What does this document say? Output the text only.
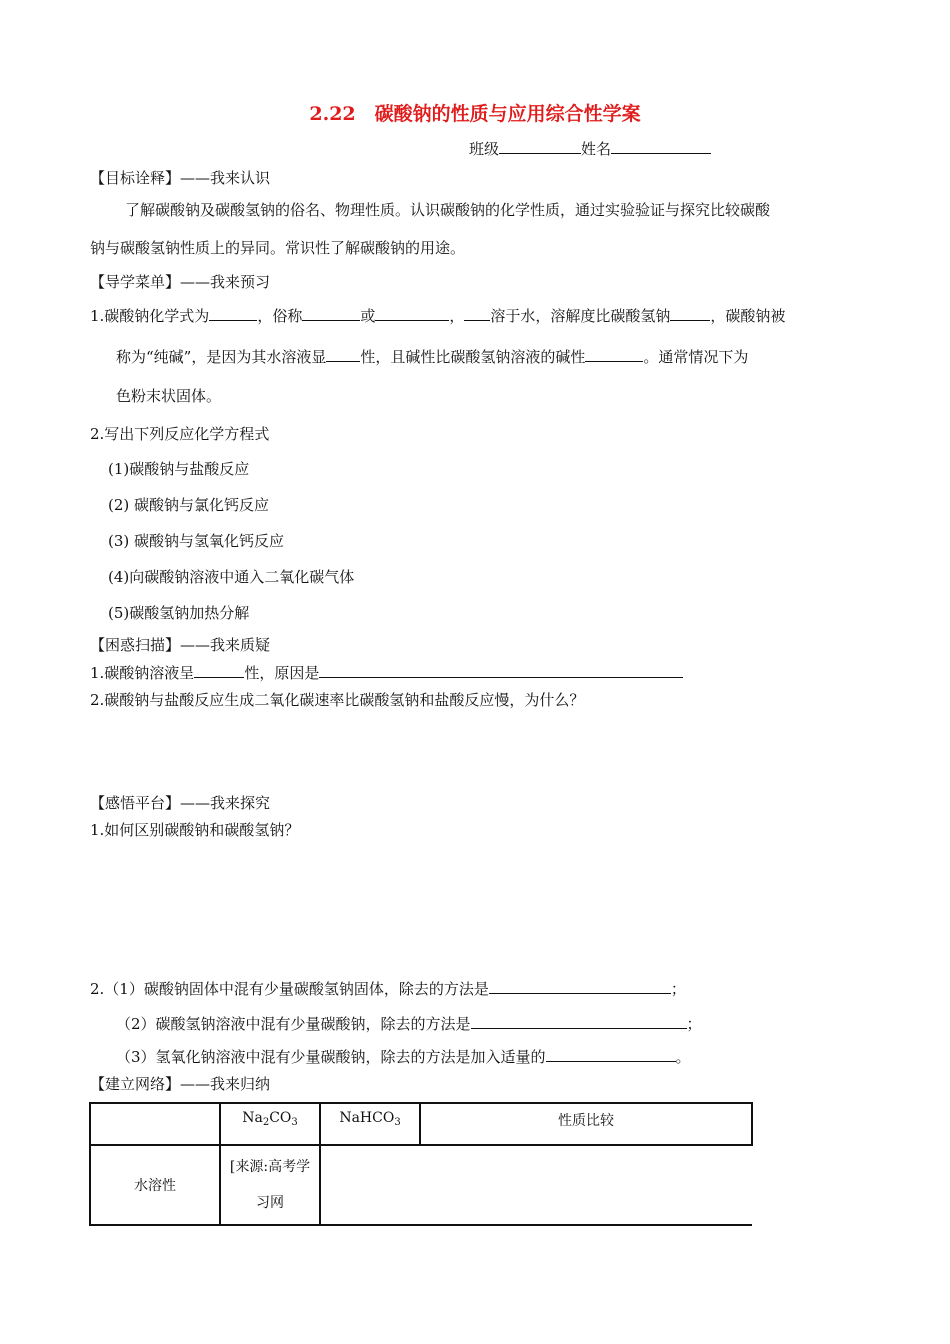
2.22　碳酸钠的性质与应用综合性学案
班级	姓名
【目标诠释】——我来认识
了解碳酸钠及碳酸氢钠的俗名、物理性质。认识碳酸钠的化学性质，通过实验验证与探究比较碳酸
钠与碳酸氢钠性质上的异同。常识性了解碳酸钠的用途。
【导学菜单】——我来预习
1.碳酸钠化学式为	，俗称	或	， 溶于水，溶解度比碳酸氢钠	，碳酸钠被
称为“纯碱”，是因为其水溶液显 性，且碱性比碳酸氢钠溶液的碱性	。通常情况下为
色粉末状固体。
2.写出下列反应化学方程式
(1)碳酸钠与盐酸反应
(2) 碳酸钠与氯化钙反应
(3) 碳酸钠与氢氧化钙反应
(4)向碳酸钠溶液中通入二氧化碳气体
(5)碳酸氢钠加热分解
【困惑扫描】——我来质疑
1.碳酸钠溶液呈	性，原因是
2.碳酸钠与盐酸反应生成二氧化碳速率比碳酸氢钠和盐酸反应慢，为什么？
【感悟平台】——我来探究
1.如何区别碳酸钠和碳酸氢钠？
2.（1）碳酸钠固体中混有少量碳酸氢钠固体，除去的方法是	；
（2）碳酸氢钠溶液中混有少量碳酸钠，除去的方法是	；
（3）氢氧化钠溶液中混有少量碳酸钠，除去的方法是加入适量的	。
【建立网络】——我来归纳
	$Na_2CO_3$	NaHCO$_3$	性质比较
水溶性	[来源:高考学
习网		
